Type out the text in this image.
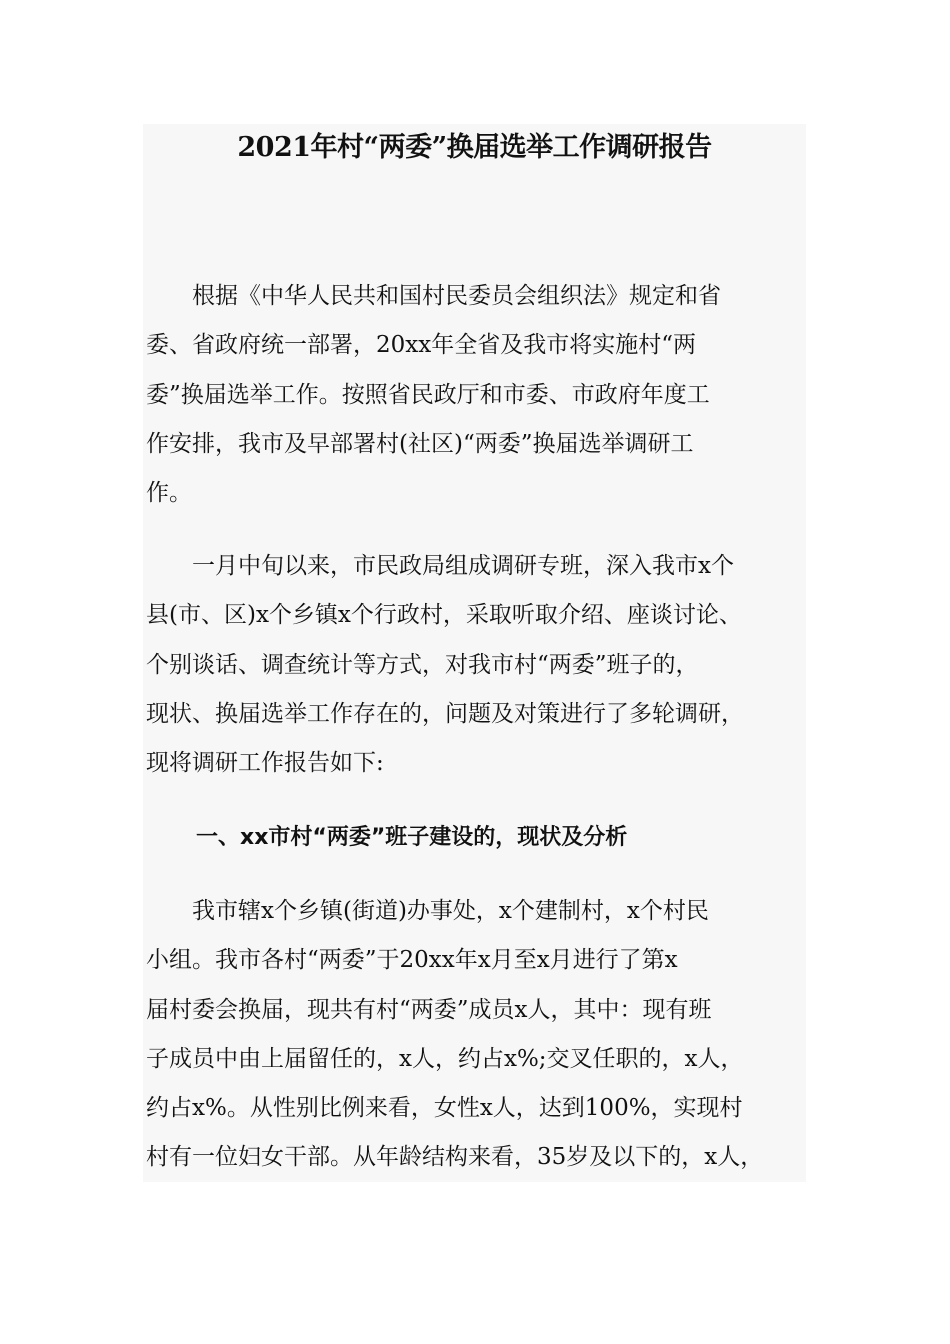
2021年村“两委”换届选举工作调研报告
　　根据《中华人民共和国村民委员会组织法》规定和省
委、省政府统一部署，20xx年全省及我市将实施村“两
委”换届选举工作。按照省民政厅和市委、市政府年度工
作安排，我市及早部署村(社区)“两委”换届选举调研工
作。
　　一月中旬以来，市民政局组成调研专班，深入我市x个
县(市、区)x个乡镇x个行政村，采取听取介绍、座谈讨论、
个别谈话、调查统计等方式，对我市村“两委”班子的，
现状、换届选举工作存在的，问题及对策进行了多轮调研，
现将调研工作报告如下:
一、xx市村“两委”班子建设的，现状及分析
　　我市辖x个乡镇(街道)办事处，x个建制村，x个村民
小组。我市各村“两委”于20xx年x月至x月进行了第x
届村委会换届，现共有村“两委”成员x人，其中：现有班
子成员中由上届留任的，x人，约占x%;交叉任职的，x人，
约占x%。从性别比例来看，女性x人，达到100%，实现村
村有一位妇女干部。从年龄结构来看，35岁及以下的，x人，
